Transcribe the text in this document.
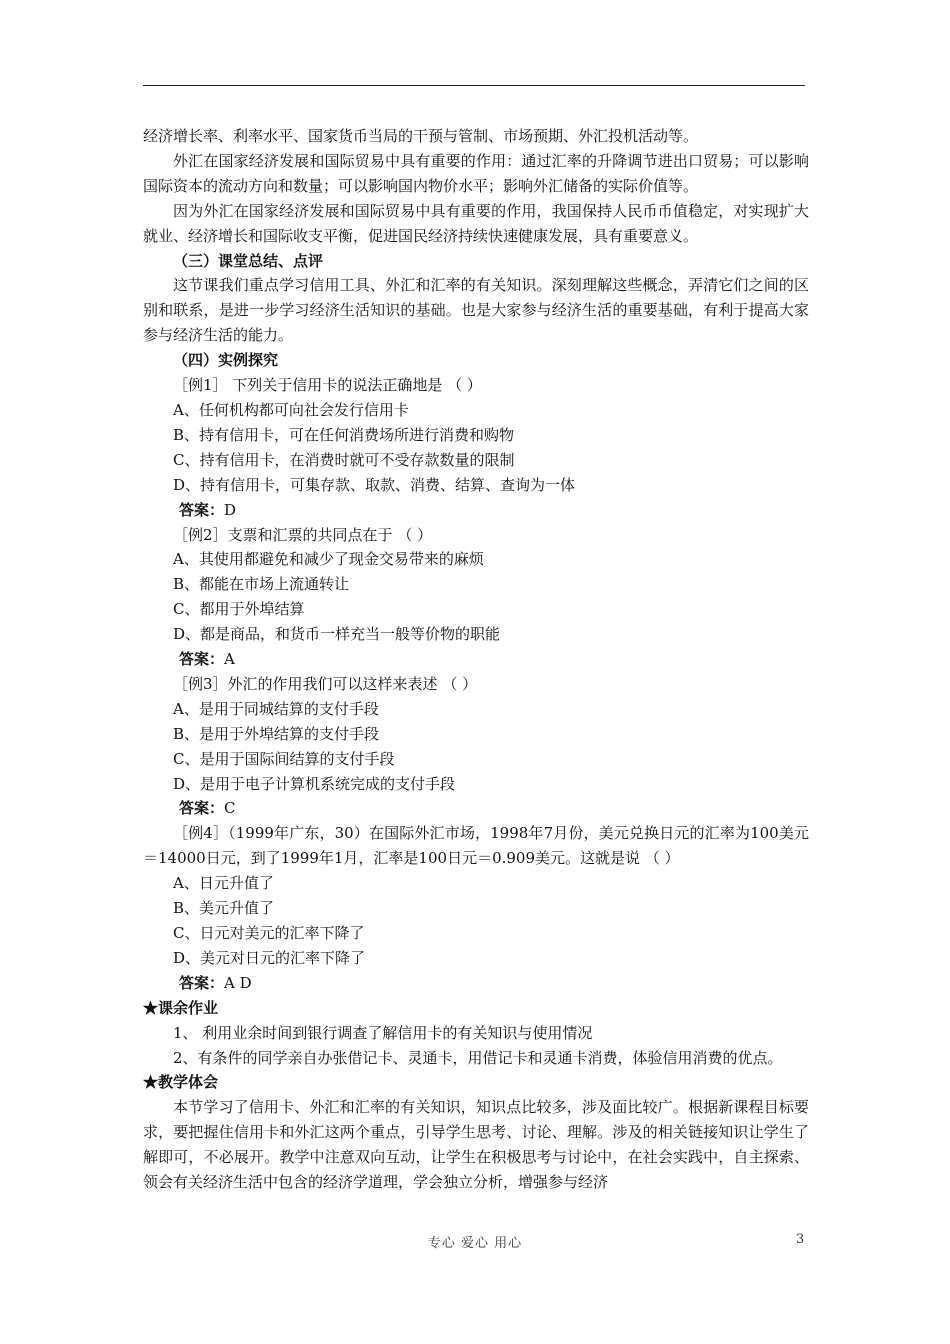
经济增长率、利率水平、国家货币当局的干预与管制、市场预期、外汇投机活动等。

外汇在国家经济发展和国际贸易中具有重要的作用：通过汇率的升降调节进出口贸易；可以影响国际资本的流动方向和数量；可以影响国内物价水平；影响外汇储备的实际价值等。

因为外汇在国家经济发展和国际贸易中具有重要的作用，我国保持人民币币值稳定，对实现扩大就业、经济增长和国际收支平衡，促进国民经济持续快速健康发展，具有重要意义。

（三）课堂总结、点评

这节课我们重点学习信用工具、外汇和汇率的有关知识。深刻理解这些概念，弄清它们之间的区别和联系，是进一步学习经济生活知识的基础。也是大家参与经济生活的重要基础，有利于提高大家参与经济生活的能力。

（四）实例探究

［例1］ 下列关于信用卡的说法正确地是 （ ）

A、任何机构都可向社会发行信用卡

B、持有信用卡，可在任何消费场所进行消费和购物

C、持有信用卡，在消费时就可不受存款数量的限制

D、持有信用卡，可集存款、取款、消费、结算、查询为一体

答案：D

［例2］支票和汇票的共同点在于 （ ）

A、其使用都避免和减少了现金交易带来的麻烦

B、都能在市场上流通转让

C、都用于外埠结算

D、都是商品，和货币一样充当一般等价物的职能

答案：A

［例3］外汇的作用我们可以这样来表述 （ ）

A、是用于同城结算的支付手段

B、是用于外埠结算的支付手段

C、是用于国际间结算的支付手段

D、是用于电子计算机系统完成的支付手段

答案：C

［例4］（1999年广东，30）在国际外汇市场，1998年7月份，美元兑换日元的汇率为100美元＝14000日元，到了1999年1月，汇率是100日元＝0.909美元。这就是说 （ ）

A、日元升值了

B、美元升值了

C、日元对美元的汇率下降了

D、美元对日元的汇率下降了

答案：A D

★课余作业

1、 利用业余时间到银行调查了解信用卡的有关知识与使用情况

2、有条件的同学亲自办张借记卡、灵通卡，用借记卡和灵通卡消费，体验信用消费的优点。

★教学体会

本节学习了信用卡、外汇和汇率的有关知识，知识点比较多，涉及面比较广。根据新课程目标要求，要把握住信用卡和外汇这两个重点，引导学生思考、讨论、理解。涉及的相关链接知识让学生了解即可，不必展开。教学中注意双向互动，让学生在积极思考与讨论中，在社会实践中，自主探索、领会有关经济生活中包含的经济学道理，学会独立分析，增强参与经济

专心 爱心 用心	3
